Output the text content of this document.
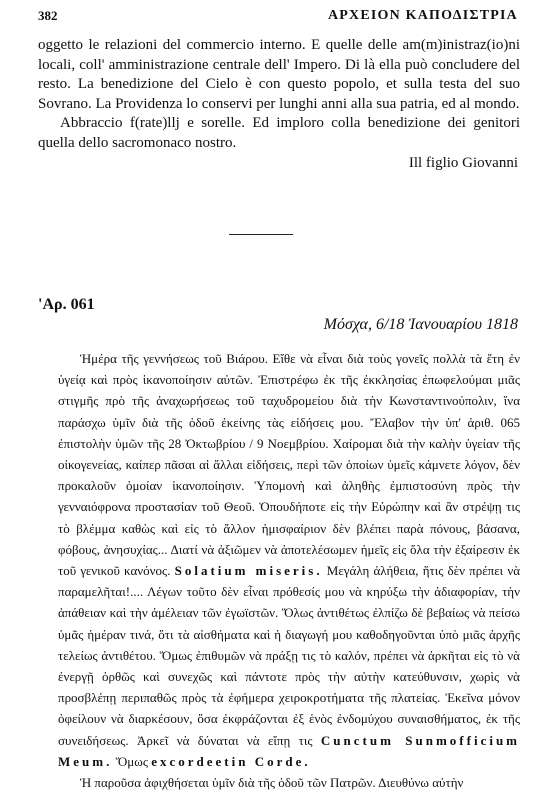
382	ΑΡΧΕΙΟΝ ΚΑΠΟΔΙΣΤΡΙΑ

oggetto le relazioni del commercio interno. E quelle delle am(m)inistraz(io)ni locali, coll' amministrazione centrale dell' Impero. Di là ella può concludere del resto. La benedizione del Cielo è con questo popolo, et sulla testa del suo Sovrano. La Providenza lo conservi per lunghi anni alla sua patria, ed al mondo.

Abbraccio f(rate)llj e sorelle. Ed imploro colla benedizione dei genitori quella dello sacromonaco nostro.

Ill figlio Giovanni
'Αρ. 061
Μόσχα, 6/18 Ἰανουαρίου 1818

Ἡμέρα τῆς γεννήσεως τοῦ Βιάρου. Εἴθε νὰ εἶναι διὰ τοὺς γονεῖς πολλὰ τὰ ἔτη ἐν ὑγείᾳ καὶ πρὸς ἱκανοποίησιν αὐτῶν. Ἐπιστρέφω ἐκ τῆς ἐκκλησίας ἐπωφελούμαι μιᾶς στιγμῆς πρὸ τῆς ἀναχωρήσεως τοῦ ταχυδρομείου διὰ τὴν Κωνσταντινούπολιν, ἵνα παράσχω ὑμῖν διὰ τῆς ὁδοῦ ἐκείνης τὰς εἰδήσεις μου. Ἔλαβον τὴν ὑπ' ἀριθ. 065 ἐπιστολὴν ὑμῶν τῆς 28 Ὀκτωβρίου / 9 Νοεμβρίου. Χαίρομαι διὰ τὴν καλὴν ὑγείαν τῆς οἰκογενείας, καίπερ πᾶσαι αἱ ἄλλαι εἰδήσεις, περὶ τῶν ὁποίων ὑμεῖς κάμνετε λόγον, δὲν προκαλοῦν ὁμοίαν ἱκανοποίησιν. Ὑπομονὴ καὶ ἀληθὴς ἐμπιστοσύνη πρὸς τὴν γενναιόφρονα προστασίαν τοῦ Θεοῦ. Ὁπουδήποτε εἰς τὴν Εὐρώπην καὶ ἂν στρέψῃ τις τὸ βλέμμα καθὼς καὶ εἰς τὸ ἄλλον ἡμισφαίριον δὲν βλέπει παρὰ πόνους, βάσανα, φόβους, ἀνησυχίας... Διατί νὰ ἀξιῶμεν νὰ ἀποτελέσωμεν ἡμεῖς εἰς ὅλα τὴν ἐξαίρεσιν ἐκ τοῦ γενικοῦ κανόνος. Solatium miseris. Μεγάλη ἀλήθεια, ἥτις δὲν πρέπει νὰ παραμελῆται!.... Λέγων τοῦτο δὲν εἶναι πρόθεσίς μου νὰ κηρύξω τὴν ἀδιαφορίαν, τὴν ἀπάθειαν καὶ τὴν ἀμέλειαν τῶν ἐγωϊστῶν. Ὅλως ἀντιθέτως ἐλπίζω δὲ βεβαίως νὰ πείσω ὑμᾶς ἡμέραν τινά, ὅτι τὰ αἰσθήματα καὶ ἡ διαγωγή μου καθοδηγοῦνται ὑπὸ μιᾶς ἀρχῆς τελείως ἀντιθέτου. Ὅμως ἐπιθυμῶν νὰ πράξῃ τις τὸ καλόν, πρέπει νὰ ἀρκῆται εἰς τὸ νὰ ἐνεργῇ ὀρθῶς καὶ συνεχῶς καὶ πάντοτε πρὸς τὴν αὐτὴν κατεύθυνσιν, χωρὶς νὰ προσβλέπῃ περιπαθῶς πρὸς τὰ ἐφήμερα χειροκροτήματα τῆς πλατείας. Ἐκεῖνα μόνον ὀφείλουν νὰ διαρκέσουν, ὅσα ἐκφράζονται ἐξ ἑνὸς ἐνδομύχου συναισθήματος, ἐκ τῆς συνειδήσεως. Ἀρκεῖ νὰ δύναται νὰ εἴπῃ τις Cunctum Sunmofficium Meum. Ὅμως excordeetin Corde.

Ἡ παροῦσα ἀφιχθήσεται ὑμῖν διὰ τῆς ὁδοῦ τῶν Πατρῶν. Διευθύνω αὐτὴν
